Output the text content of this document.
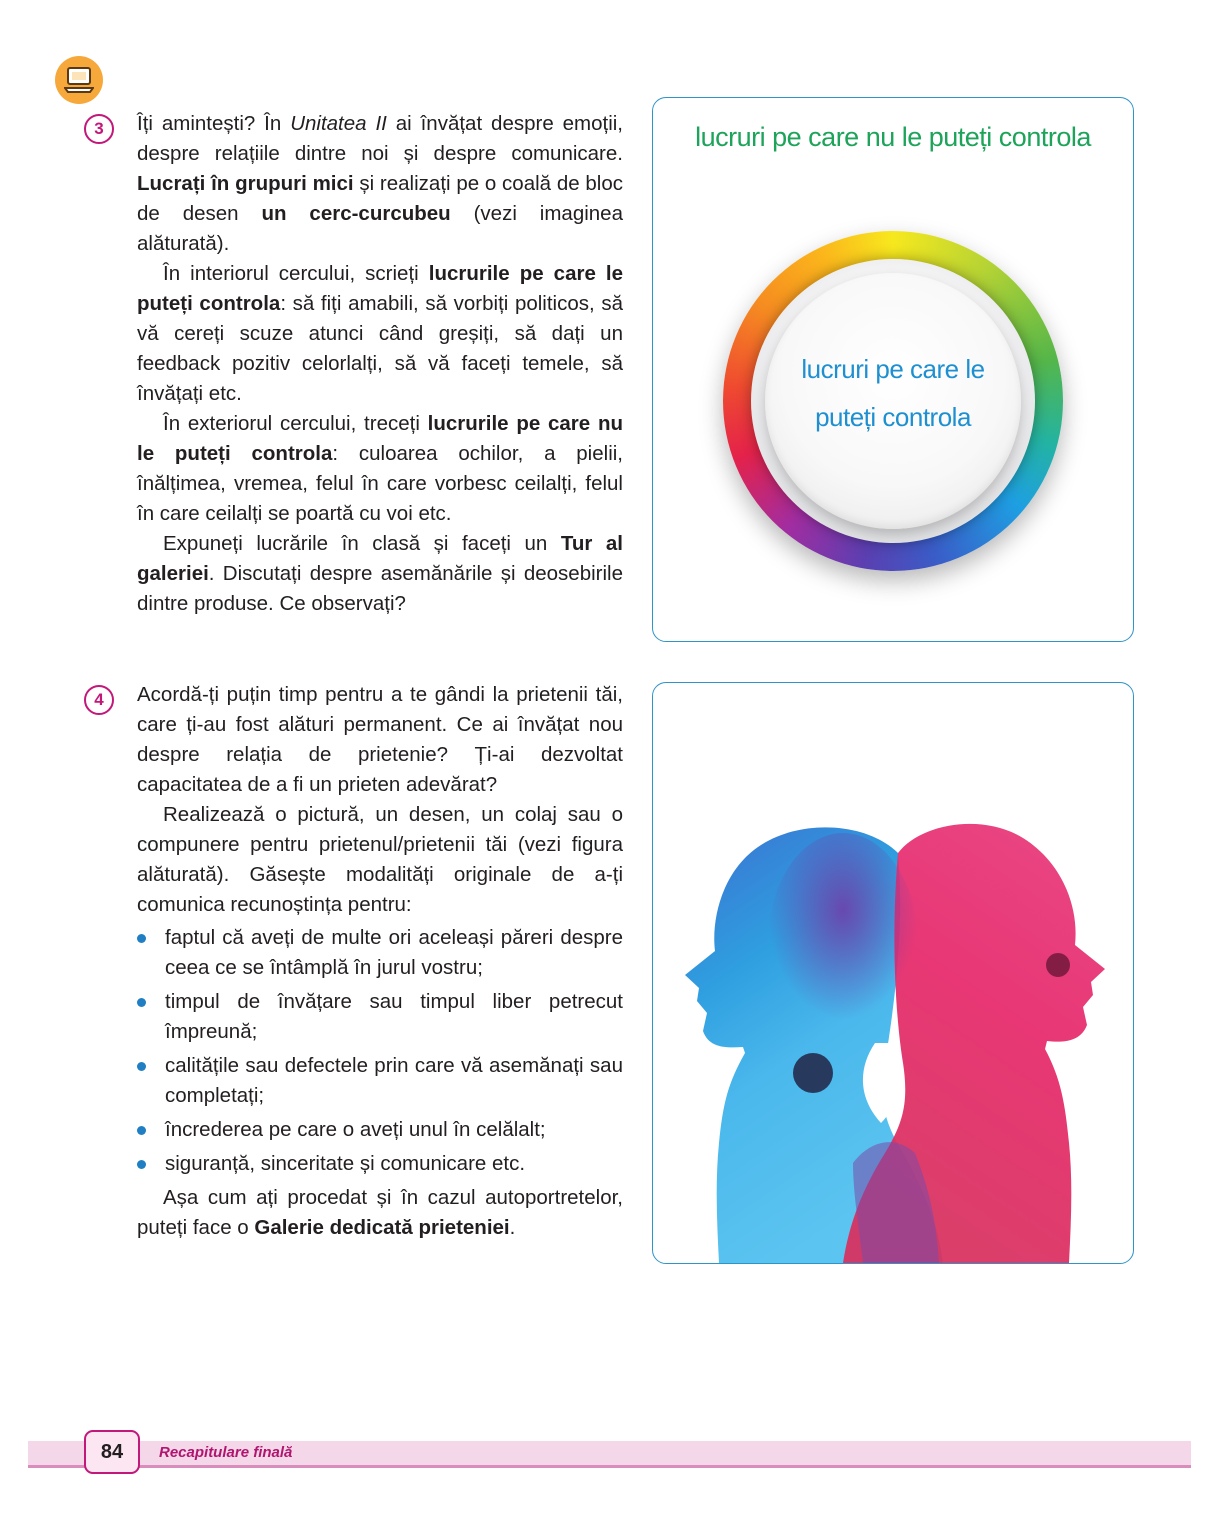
3	Îți amintești? În Unitatea II ai învățat despre emoții, despre relațiile dintre noi și despre comunicare. Lucrați în grupuri mici și realizați pe o coală de bloc de desen un cerc-curcubeu (vezi imaginea alăturată).

În interiorul cercului, scrieți lucrurile pe care le puteți controla: să fiți amabili, să vorbiți politicos, să vă cereți scuze atunci când greșiți, să dați un feedback pozitiv celorlalți, să vă faceți temele, să învățați etc.

În exteriorul cercului, treceți lucrurile pe care nu le puteți controla: culoarea ochilor, a pielii, înălțimea, vremea, felul în care vorbesc ceilalți, felul în care ceilalți se poartă cu voi etc.

Expuneți lucrările în clasă și faceți un Tur al galeriei. Discutați despre asemănările și deosebirile dintre produse. Ce observați?

lucruri pe care nu le puteți controla
lucruri pe care le
puteți controla
4	Acordă-ți puțin timp pentru a te gândi la prietenii tăi, care ți-au fost alături permanent. Ce ai învățat nou despre relația de prietenie? Ți-ai dezvoltat capacitatea de a fi un prieten adevărat?

Realizează o pictură, un desen, un colaj sau o compunere pentru prietenul/prietenii tăi (vezi figura alăturată). Găsește modalități originale de a-ți comunica recunoștința pentru:

faptul că aveți de multe ori aceleași păreri despre ceea ce se întâmplă în jurul vostru;
timpul de învățare sau timpul liber petrecut împreună;
calitățile sau defectele prin care vă asemănați sau completați;
încrederea pe care o aveți unul în celălalt;
siguranță, sinceritate și comunicare etc.

Așa cum ați procedat și în cazul autoportretelor, puteți face o Galerie dedicată prieteniei.

84	Recapitulare finală
